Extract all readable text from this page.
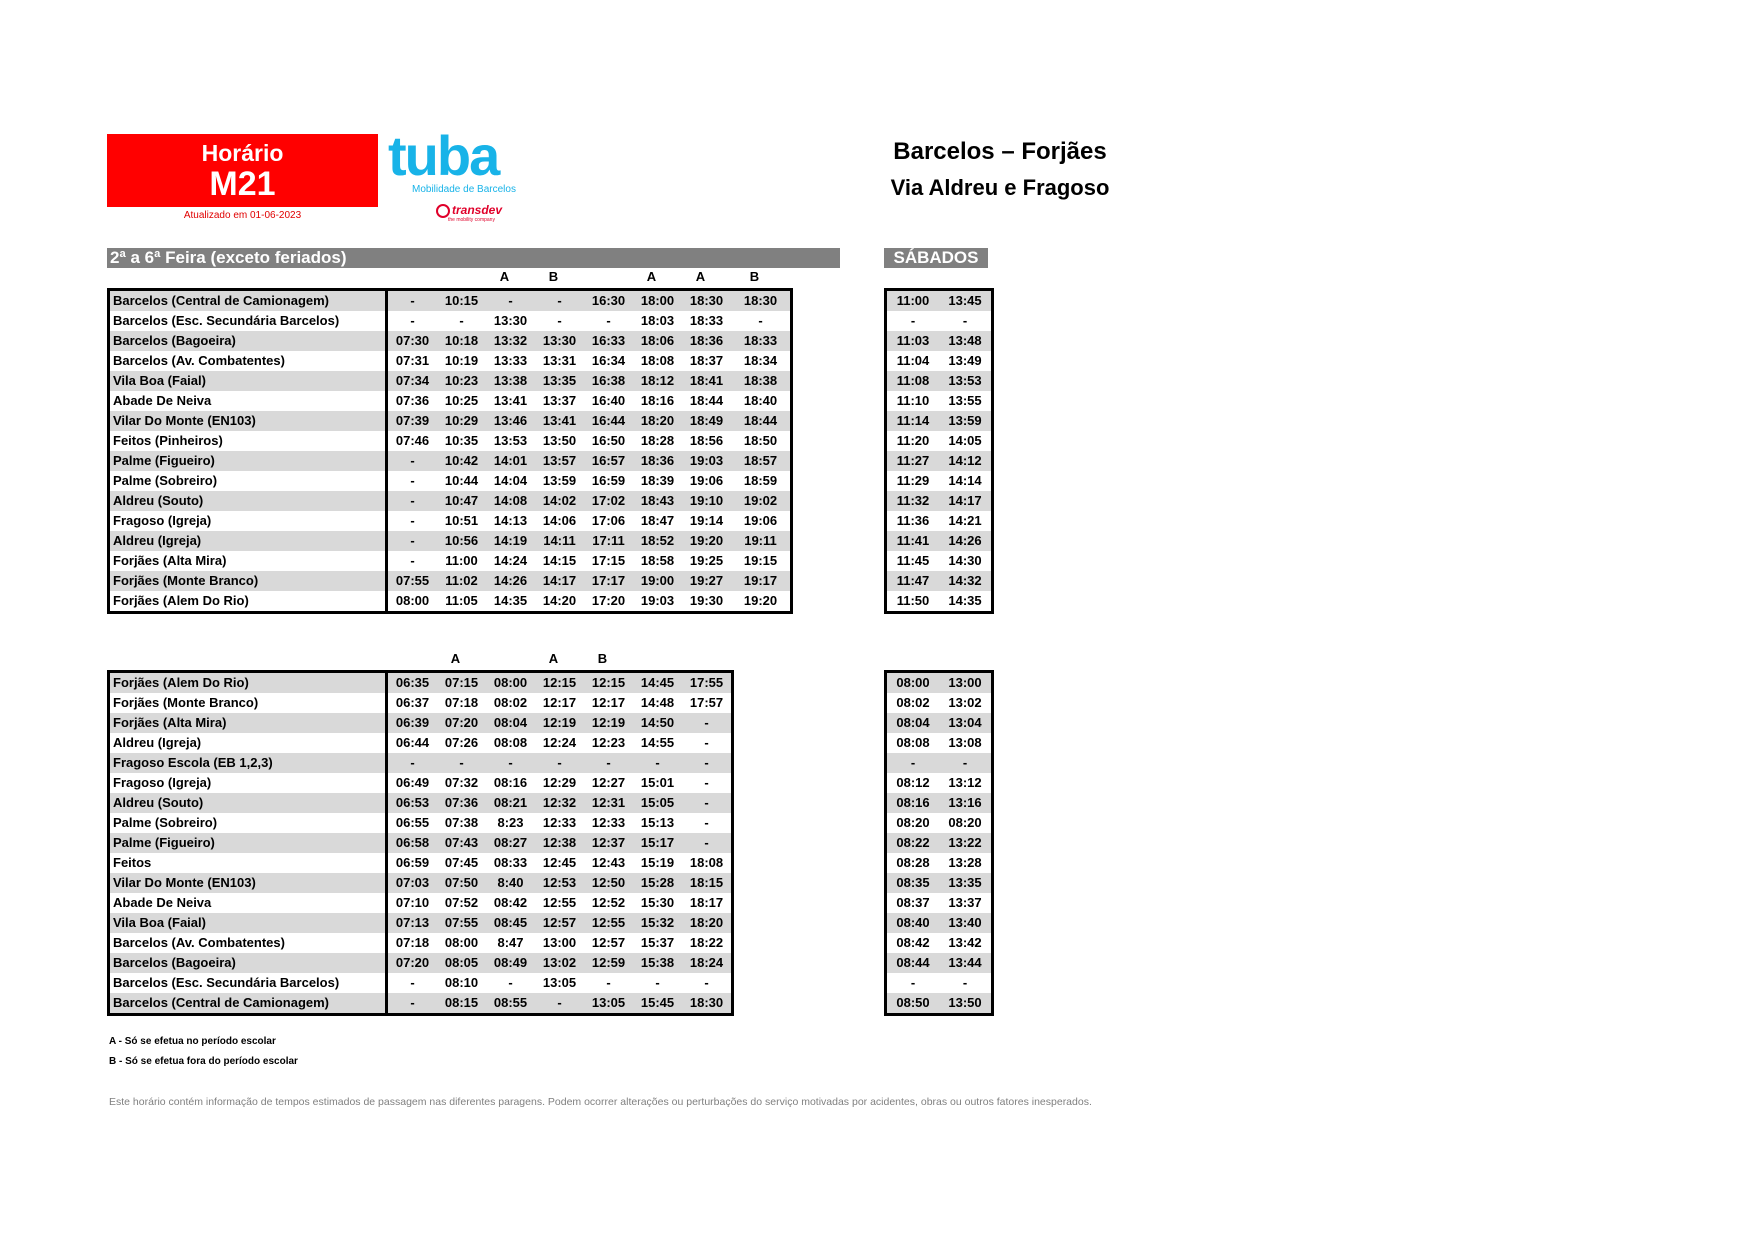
Horário
M21
Atualizado em 01-06-2023
tuba
Mobilidade de Barcelos
transdev
the mobility company
Barcelos – Forjães
Via Aldreu e Fragoso
2ª a 6ª Feira (exceto feriados)	SÁBADOS
A	B	A	A	B
A	A	B
Barcelos (Central de Camionagem)	-	10:15	-	-	16:30	18:00	18:30	18:30
Barcelos (Esc. Secundária Barcelos)	-	-	13:30	-	-	18:03	18:33	-
Barcelos (Bagoeira)	07:30	10:18	13:32	13:30	16:33	18:06	18:36	18:33
Barcelos (Av. Combatentes)	07:31	10:19	13:33	13:31	16:34	18:08	18:37	18:34
Vila Boa (Faial)	07:34	10:23	13:38	13:35	16:38	18:12	18:41	18:38
Abade De Neiva	07:36	10:25	13:41	13:37	16:40	18:16	18:44	18:40
Vilar Do Monte (EN103)	07:39	10:29	13:46	13:41	16:44	18:20	18:49	18:44
Feitos (Pinheiros)	07:46	10:35	13:53	13:50	16:50	18:28	18:56	18:50
Palme (Figueiro)	-	10:42	14:01	13:57	16:57	18:36	19:03	18:57
Palme (Sobreiro)	-	10:44	14:04	13:59	16:59	18:39	19:06	18:59
Aldreu (Souto)	-	10:47	14:08	14:02	17:02	18:43	19:10	19:02
Fragoso (Igreja)	-	10:51	14:13	14:06	17:06	18:47	19:14	19:06
Aldreu (Igreja)	-	10:56	14:19	14:11	17:11	18:52	19:20	19:11
Forjães (Alta Mira)	-	11:00	14:24	14:15	17:15	18:58	19:25	19:15
Forjães (Monte Branco)	07:55	11:02	14:26	14:17	17:17	19:00	19:27	19:17
Forjães (Alem Do Rio)	08:00	11:05	14:35	14:20	17:20	19:03	19:30	19:20
11:00	13:45
-	-
11:03	13:48
11:04	13:49
11:08	13:53
11:10	13:55
11:14	13:59
11:20	14:05
11:27	14:12
11:29	14:14
11:32	14:17
11:36	14:21
11:41	14:26
11:45	14:30
11:47	14:32
11:50	14:35
Forjães (Alem Do Rio)	06:35	07:15	08:00	12:15	12:15	14:45	17:55
Forjães (Monte Branco)	06:37	07:18	08:02	12:17	12:17	14:48	17:57
Forjães (Alta Mira)	06:39	07:20	08:04	12:19	12:19	14:50	-
Aldreu (Igreja)	06:44	07:26	08:08	12:24	12:23	14:55	-
Fragoso Escola (EB 1,2,3)	-	-	-	-	-	-	-
Fragoso (Igreja)	06:49	07:32	08:16	12:29	12:27	15:01	-
Aldreu (Souto)	06:53	07:36	08:21	12:32	12:31	15:05	-
Palme (Sobreiro)	06:55	07:38	8:23	12:33	12:33	15:13	-
Palme (Figueiro)	06:58	07:43	08:27	12:38	12:37	15:17	-
Feitos	06:59	07:45	08:33	12:45	12:43	15:19	18:08
Vilar Do Monte (EN103)	07:03	07:50	8:40	12:53	12:50	15:28	18:15
Abade De Neiva	07:10	07:52	08:42	12:55	12:52	15:30	18:17
Vila Boa (Faial)	07:13	07:55	08:45	12:57	12:55	15:32	18:20
Barcelos (Av. Combatentes)	07:18	08:00	8:47	13:00	12:57	15:37	18:22
Barcelos (Bagoeira)	07:20	08:05	08:49	13:02	12:59	15:38	18:24
Barcelos (Esc. Secundária Barcelos)	-	08:10	-	13:05	-	-	-
Barcelos (Central de Camionagem)	-	08:15	08:55	-	13:05	15:45	18:30
08:00	13:00
08:02	13:02
08:04	13:04
08:08	13:08
-	-
08:12	13:12
08:16	13:16
08:20	08:20
08:22	13:22
08:28	13:28
08:35	13:35
08:37	13:37
08:40	13:40
08:42	13:42
08:44	13:44
-	-
08:50	13:50
A - Só se efetua no período escolar
B - Só se efetua fora do período escolar
Este horário contém informação de tempos estimados de passagem nas diferentes paragens. Podem ocorrer alterações ou perturbações do serviço motivadas por acidentes, obras ou outros fatores inesperados.
